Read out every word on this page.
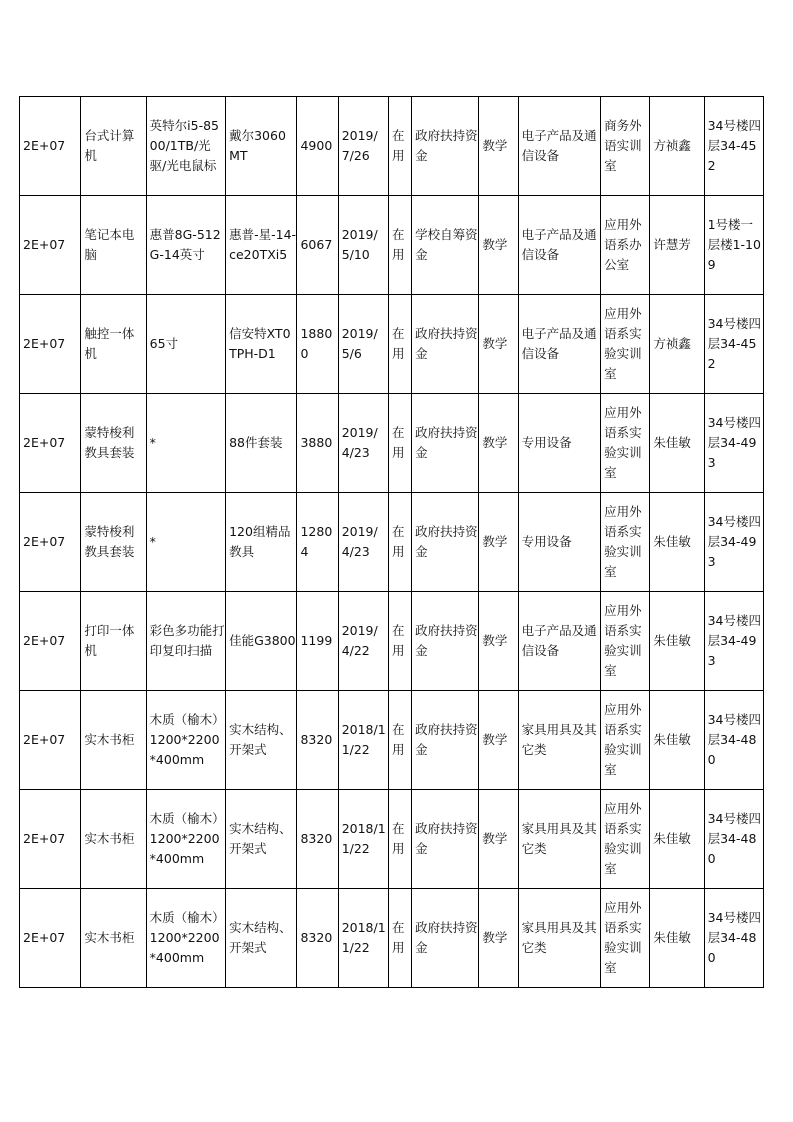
2E+07	台式计算机	英特尔i5-8500/1TB/光驱/光电鼠标	戴尔3060MT	4900	2019/7/26	在用	政府扶持资金	教学	电子产品及通信设备	商务外语实训室	方祯鑫	34号楼四层34-452
2E+07	笔记本电脑	惠普8G-512G-14英寸	惠普-星-14-ce20TXi5	6067	2019/5/10	在用	学校自筹资金	教学	电子产品及通信设备	应用外语系办公室	许慧芳	1号楼一层楼1-109
2E+07	触控一体机	65寸	信安特XT0TPH-D1	18800	2019/5/6	在用	政府扶持资金	教学	电子产品及通信设备	应用外语系实验实训室	方祯鑫	34号楼四层34-452
2E+07	蒙特梭利教具套装	*	88件套装	3880	2019/4/23	在用	政府扶持资金	教学	专用设备	应用外语系实验实训室	朱佳敏	34号楼四层34-493
2E+07	蒙特梭利教具套装	*	120组精品教具	12804	2019/4/23	在用	政府扶持资金	教学	专用设备	应用外语系实验实训室	朱佳敏	34号楼四层34-493
2E+07	打印一体机	彩色多功能打印复印扫描	佳能G3800	1199	2019/4/22	在用	政府扶持资金	教学	电子产品及通信设备	应用外语系实验实训室	朱佳敏	34号楼四层34-493
2E+07	实木书柜	木质（榆木）1200*2200*400mm	实木结构、开架式	8320	2018/11/22	在用	政府扶持资金	教学	家具用具及其它类	应用外语系实验实训室	朱佳敏	34号楼四层34-480
2E+07	实木书柜	木质（榆木）1200*2200*400mm	实木结构、开架式	8320	2018/11/22	在用	政府扶持资金	教学	家具用具及其它类	应用外语系实验实训室	朱佳敏	34号楼四层34-480
2E+07	实木书柜	木质（榆木）1200*2200*400mm	实木结构、开架式	8320	2018/11/22	在用	政府扶持资金	教学	家具用具及其它类	应用外语系实验实训室	朱佳敏	34号楼四层34-480
